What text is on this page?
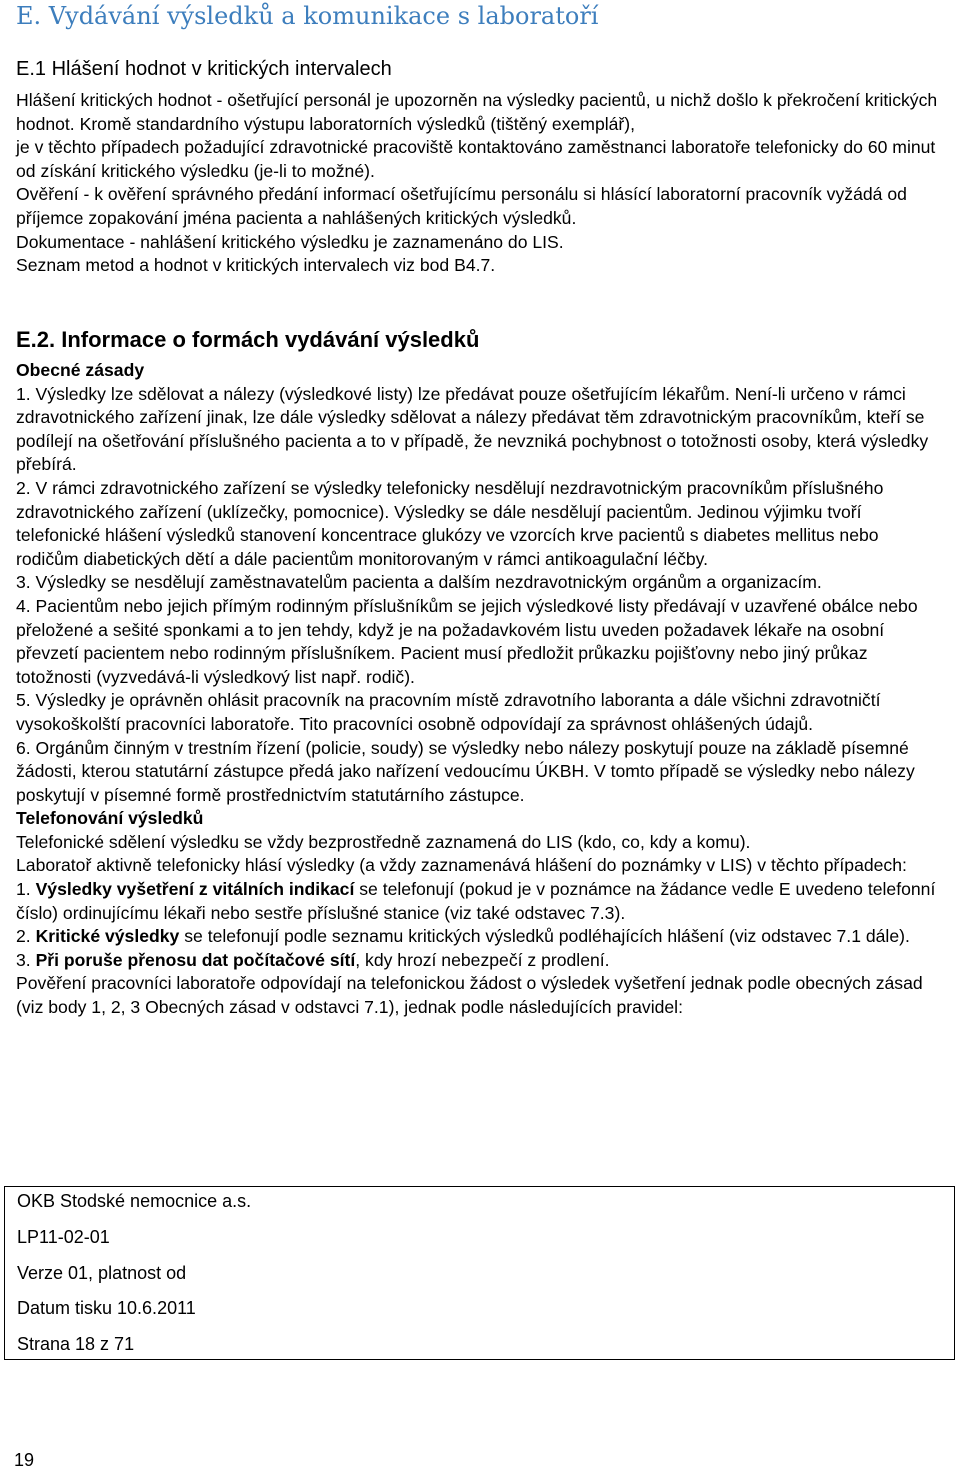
E. Vydávání výsledků a komunikace s laboratoří
E.1 Hlášení hodnot v kritických intervalech

Hlášení kritických hodnot - ošetřující personál je upozorněn na výsledky pacientů, u nichž došlo k překročení kritických hodnot. Kromě standardního výstupu laboratorních výsledků (tištěný exemplář),

je v těchto případech požadující zdravotnické pracoviště kontaktováno zaměstnanci laboratoře telefonicky do 60 minut od získání kritického výsledku (je-li to možné).

Ověření - k ověření správného předání informací ošetřujícímu personálu si hlásící laboratorní pracovník vyžádá od příjemce zopakování jména pacienta a nahlášených kritických výsledků.

Dokumentace - nahlášení kritického výsledku je zaznamenáno do LIS.

Seznam metod a hodnot v kritických intervalech viz bod B4.7.

E.2. Informace o formách vydávání výsledků

Obecné zásady

1. Výsledky lze sdělovat a nálezy (výsledkové listy) lze předávat pouze ošetřujícím lékařům. Není-li určeno v rámci zdravotnického zařízení jinak, lze dále výsledky sdělovat a nálezy předávat těm zdravotnickým pracovníkům, kteří se podílejí na ošetřování příslušného pacienta a to v případě, že nevzniká pochybnost o totožnosti osoby, která výsledky přebírá.

2. V rámci zdravotnického zařízení se výsledky telefonicky nesdělují nezdravotnickým pracovníkům příslušného zdravotnického zařízení (uklízečky, pomocnice). Výsledky se dále nesdělují pacientům. Jedinou výjimku tvoří telefonické hlášení výsledků stanovení koncentrace glukózy ve vzorcích krve pacientů s diabetes mellitus nebo rodičům diabetických dětí a dále pacientům monitorovaným v rámci antikoagulační léčby.

3. Výsledky se nesdělují zaměstnavatelům pacienta a dalším nezdravotnickým orgánům a organizacím.

4. Pacientům nebo jejich přímým rodinným příslušníkům se jejich výsledkové listy předávají v uzavřené obálce nebo přeložené a sešité sponkami a to jen tehdy, když je na požadavkovém listu uveden požadavek lékaře na osobní převzetí pacientem nebo rodinným příslušníkem. Pacient musí předložit průkazku pojišťovny nebo jiný průkaz totožnosti (vyzvedává-li výsledkový list např. rodič).

5. Výsledky je oprávněn ohlásit pracovník na pracovním místě zdravotního laboranta a dále všichni zdravotničtí vysokoškolští pracovníci laboratoře. Tito pracovníci osobně odpovídají za správnost ohlášených údajů.

6. Orgánům činným v trestním řízení (policie, soudy) se výsledky nebo nálezy poskytují pouze na základě písemné žádosti, kterou statutární zástupce předá jako nařízení vedoucímu ÚKBH. V tomto případě se výsledky nebo nálezy poskytují v písemné formě prostřednictvím statutárního zástupce.

Telefonování výsledků

Telefonické sdělení výsledku se vždy bezprostředně zaznamená do LIS (kdo, co, kdy a komu).

Laboratoř aktivně telefonicky hlásí výsledky (a vždy zaznamenává hlášení do poznámky v LIS) v těchto případech:

1. Výsledky vyšetření z vitálních indikací se telefonují (pokud je v poznámce na žádance vedle E uvedeno telefonní číslo) ordinujícímu lékaři nebo sestře příslušné stanice (viz také odstavec 7.3).

2. Kritické výsledky se telefonují podle seznamu kritických výsledků podléhajících hlášení (viz odstavec 7.1 dále).

3. Při poruše přenosu dat počítačové sítí, kdy hrozí nebezpečí z prodlení.

Pověření pracovníci laboratoře odpovídají na telefonickou žádost o výsledek vyšetření jednak podle obecných zásad (viz body 1, 2, 3 Obecných zásad v odstavci 7.1), jednak podle následujících pravidel:

OKB Stodské nemocnice a.s.
LP11-02-01
Verze 01, platnost od
Datum tisku 10.6.2011
Strana 18 z 71
19
